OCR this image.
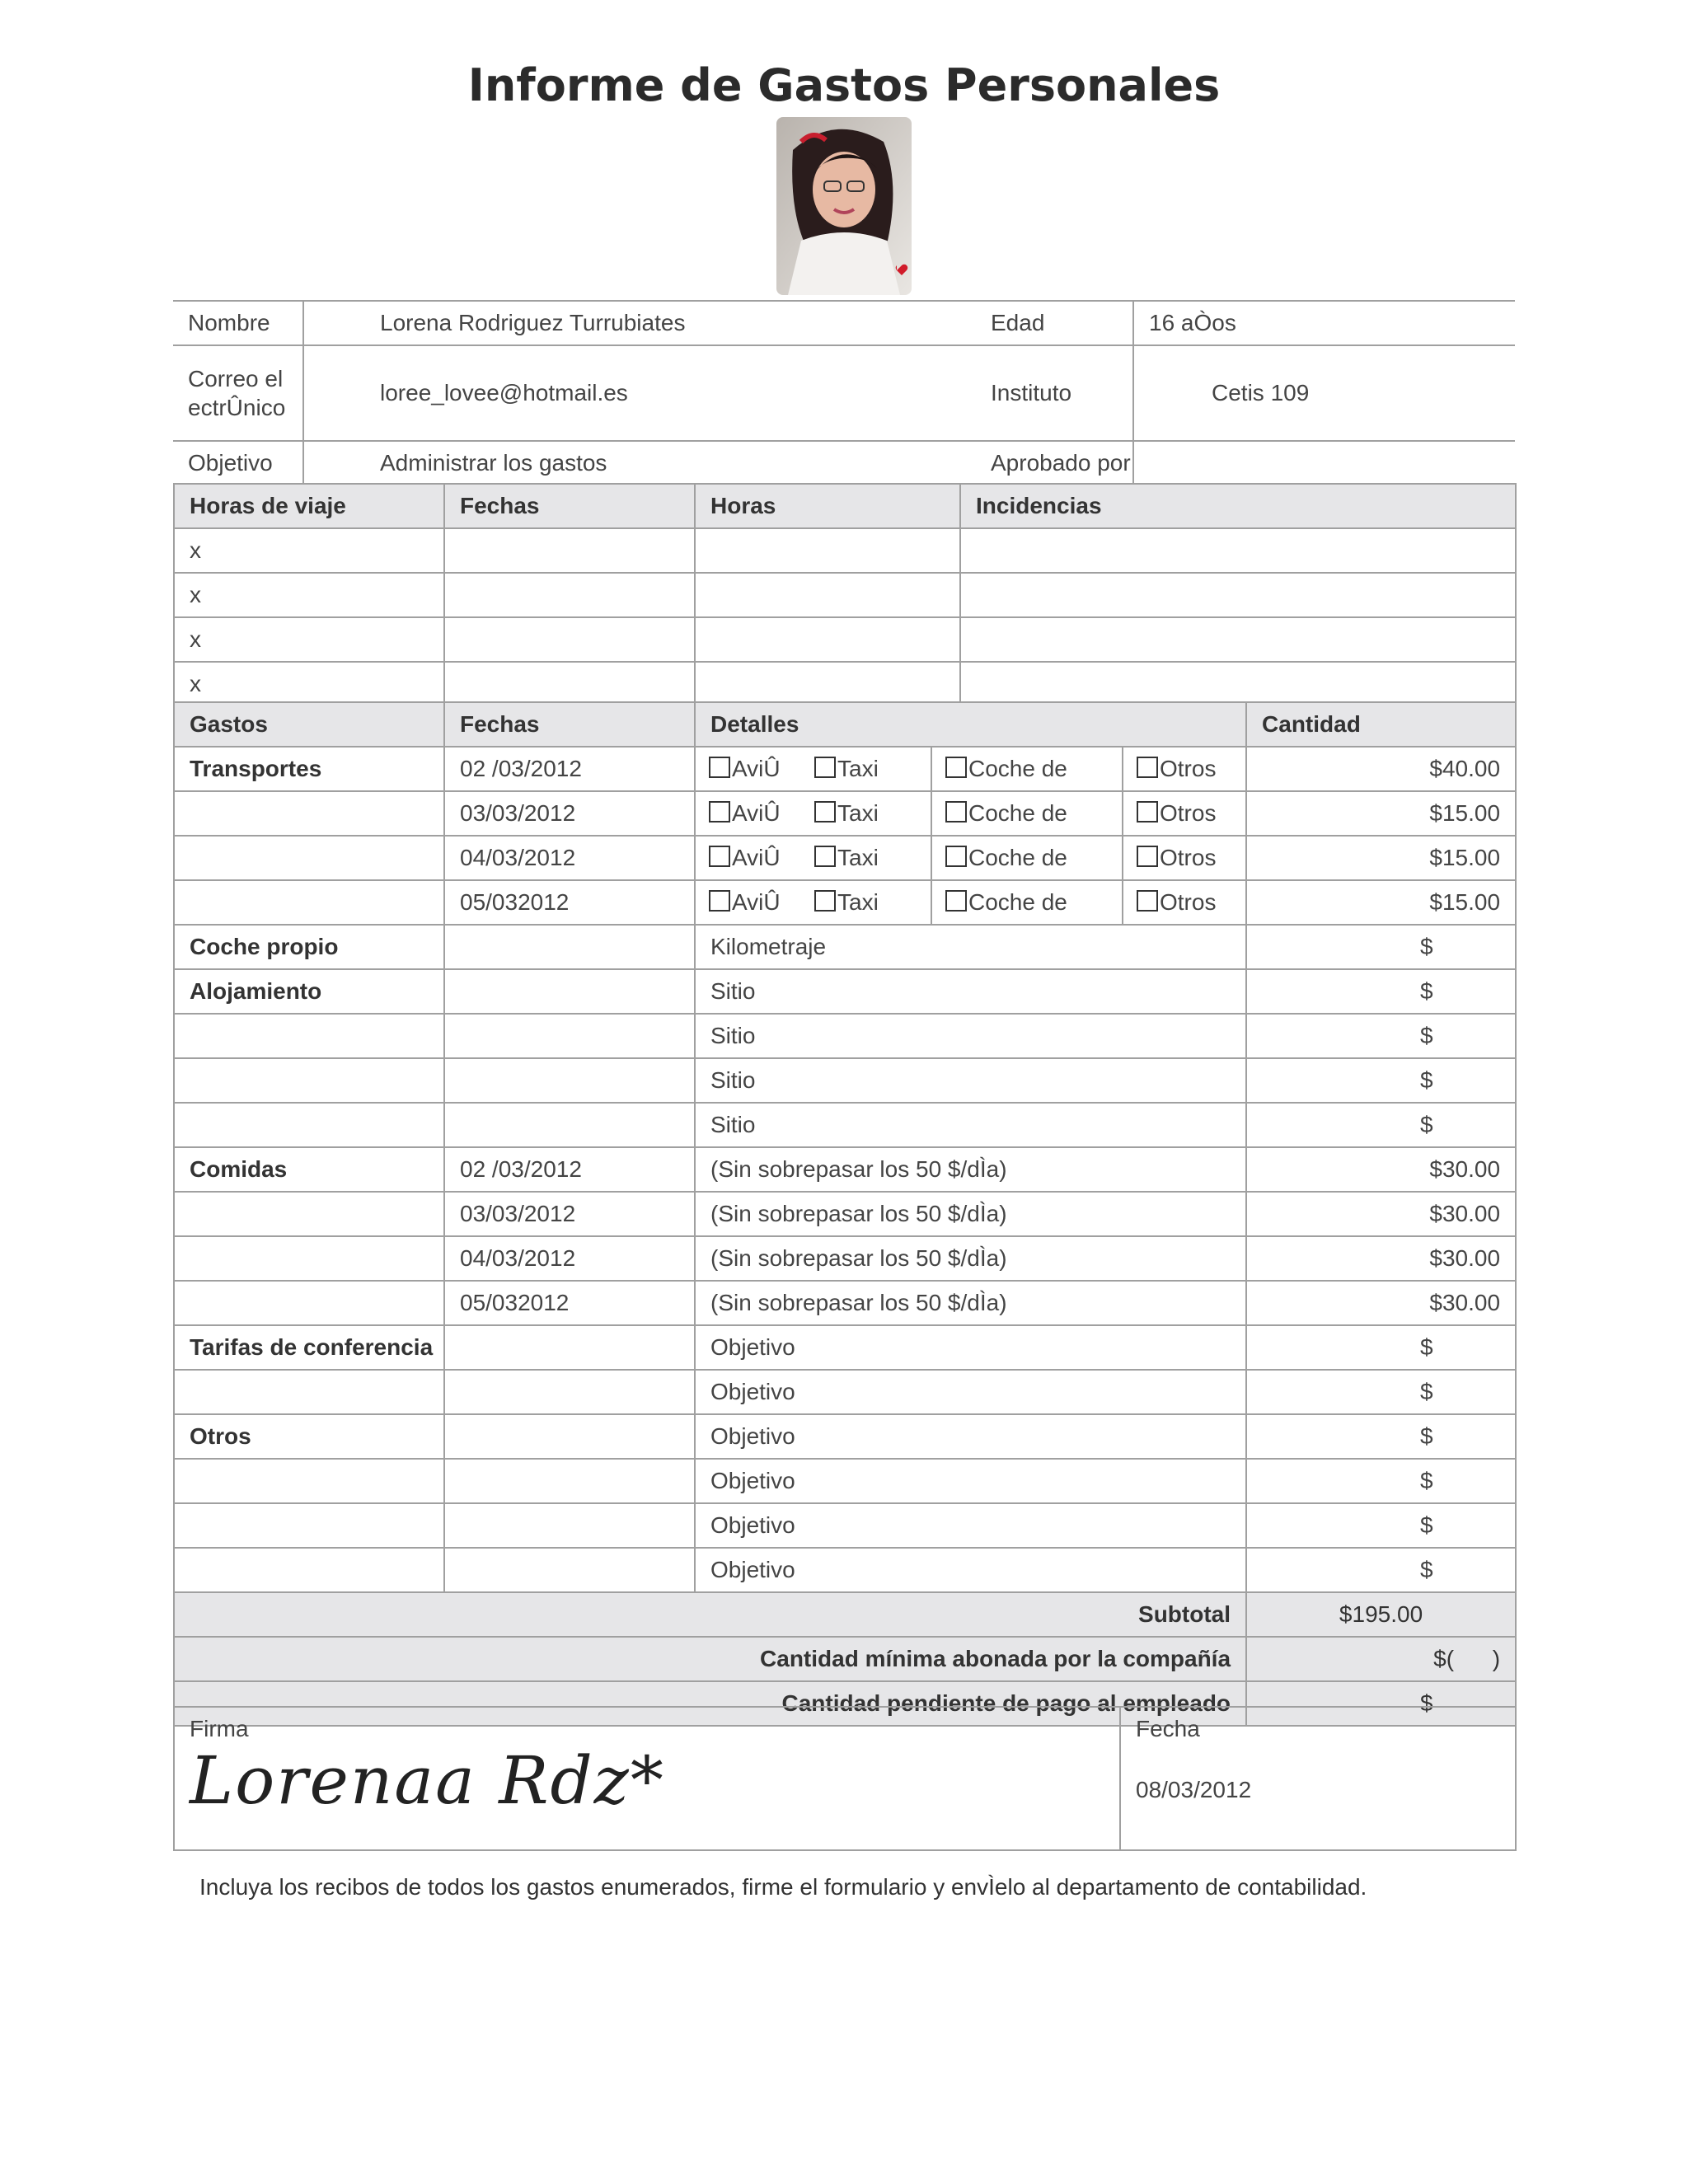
Informe de Gastos Personales
Nombre	Lorena Rodriguez Turrubiates	Edad	16 aÒos
Correo electrÛnico	loree_lovee@hotmail.es	Instituto	Cetis 109
Objetivo	Administrar los gastos	Aprobado por	
Horas de viaje	Fechas	Horas	Incidencias
x			
x			
x			
x			
Gastos	Fechas	Detalles				Cantidad
Transportes	02 /03/2012	AviÛ	Taxi	Coche de	Otros	$40.00
	03/03/2012	AviÛ	Taxi	Coche de	Otros	$15.00
	04/03/2012	AviÛ	Taxi	Coche de	Otros	$15.00
	05/032012	AviÛ	Taxi	Coche de	Otros	$15.00
Coche propio		Kilometraje				$
Alojamiento		Sitio				$
		Sitio				$
		Sitio				$
		Sitio				$
Comidas	02 /03/2012	(Sin sobrepasar los 50 $/dÌa)				$30.00
	03/03/2012	(Sin sobrepasar los 50 $/dÌa)				$30.00
	04/03/2012	(Sin sobrepasar los 50 $/dÌa)				$30.00
	05/032012	(Sin sobrepasar los 50 $/dÌa)				$30.00
Tarifas de conferencia		Objetivo				$
		Objetivo				$
Otros		Objetivo				$
		Objetivo				$
		Objetivo				$
		Objetivo				$
Subtotal						$195.00
Cantidad mínima abonada por la compañía						$(      )
Cantidad pendiente de pago al empleado						$
Firma
Lorenaa Rdz*

Fecha
08/03/2012
Incluya los recibos de todos los gastos enumerados, firme el formulario y envÌelo al departamento de contabilidad.
